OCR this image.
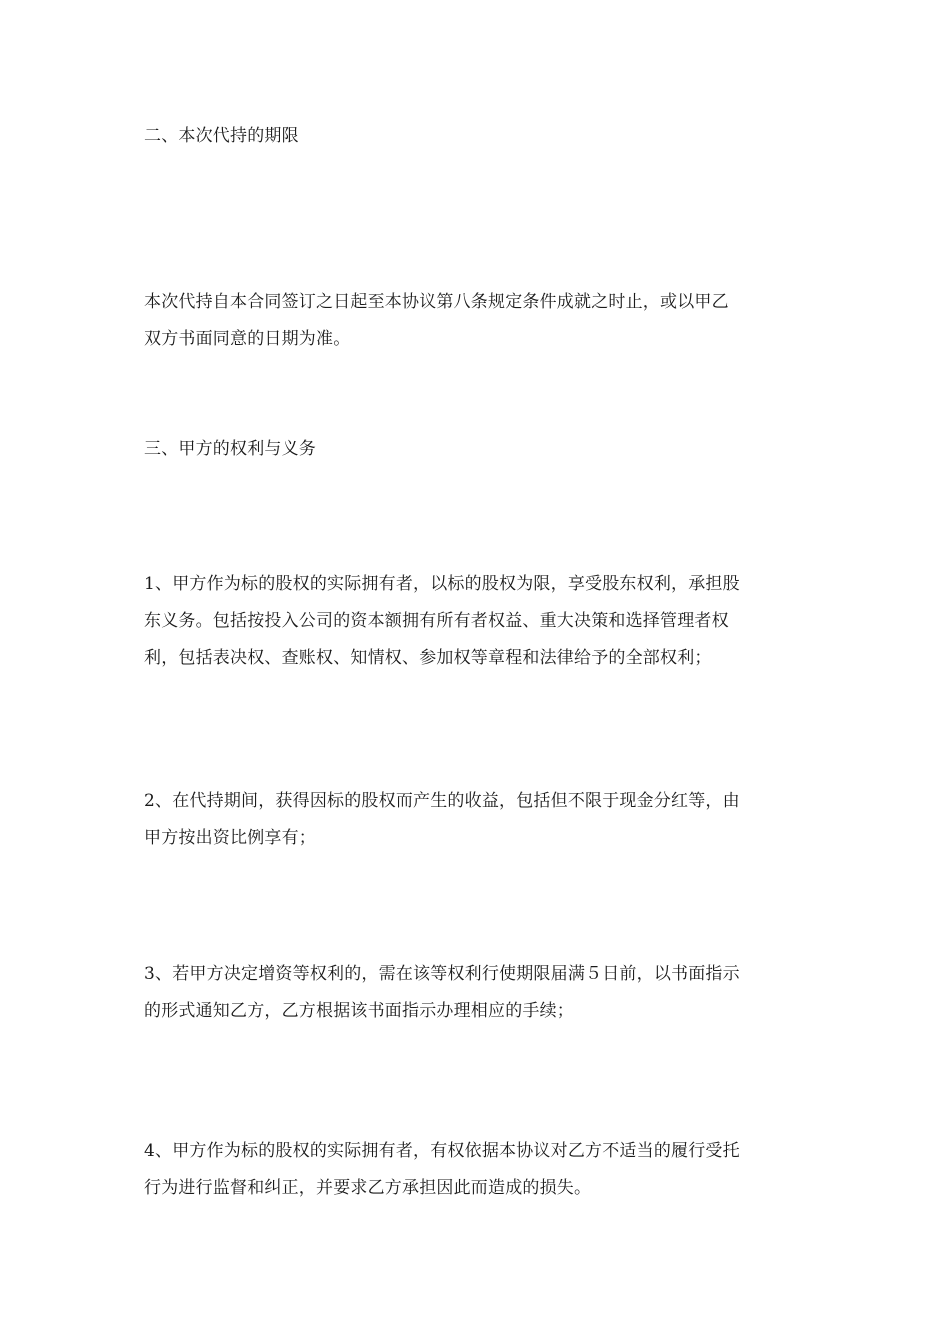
二、本次代持的期限
本次代持自本合同签订之日起至本协议第八条规定条件成就之时止，或以甲乙
双方书面同意的日期为准。
三、甲方的权利与义务
1、甲方作为标的股权的实际拥有者，以标的股权为限，享受股东权利，承担股
东义务。包括按投入公司的资本额拥有所有者权益、重大决策和选择管理者权
利，包括表决权、查账权、知情权、参加权等章程和法律给予的全部权利；
2、在代持期间，获得因标的股权而产生的收益，包括但不限于现金分红等，由
甲方按出资比例享有；
3、若甲方决定增资等权利的，需在该等权利行使期限届满５日前，以书面指示
的形式通知乙方，乙方根据该书面指示办理相应的手续；
4、甲方作为标的股权的实际拥有者，有权依据本协议对乙方不适当的履行受托
行为进行监督和纠正，并要求乙方承担因此而造成的损失。
